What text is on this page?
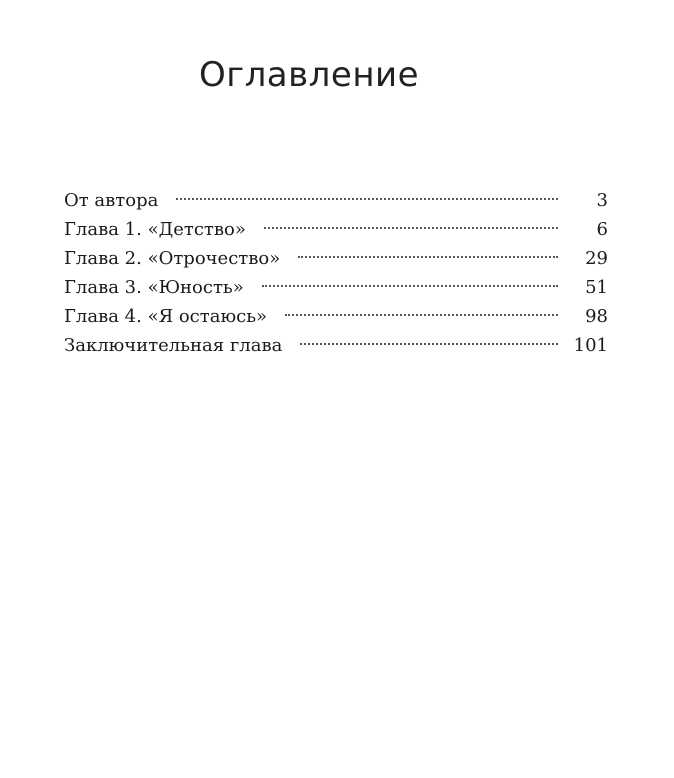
Оглавление
От автора	3
Глава 1. «Детство»	6
Глава 2. «Отрочество»	29
Глава 3. «Юность»	51
Глава 4. «Я остаюсь»	98
Заключительная глава	101
